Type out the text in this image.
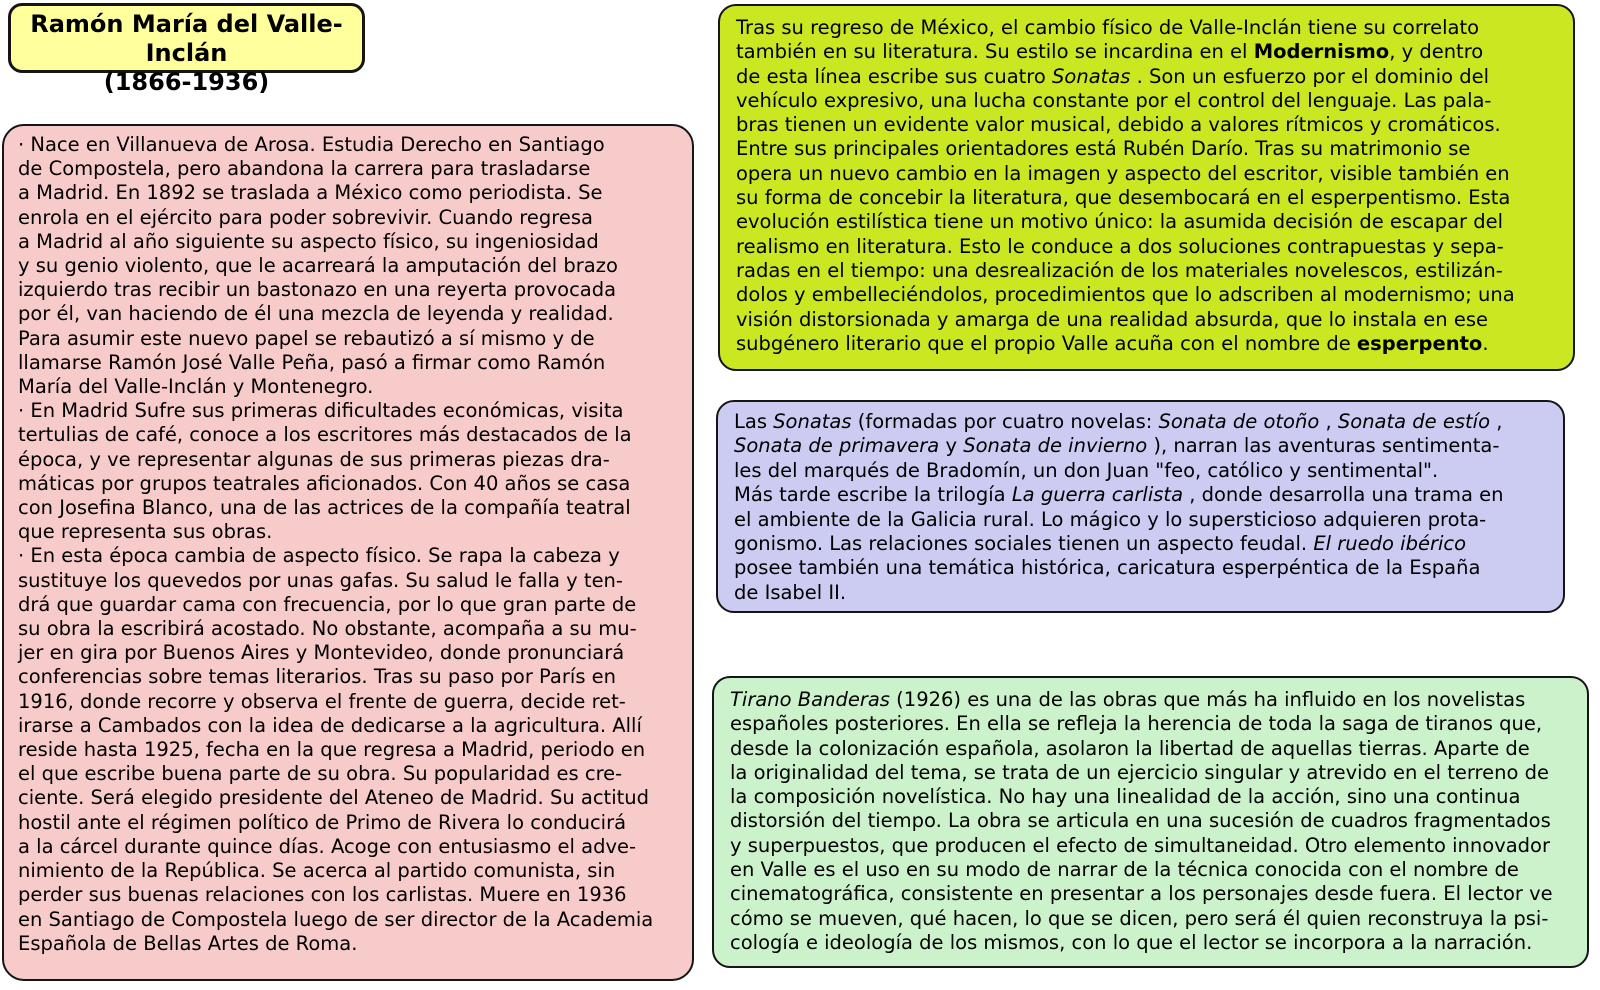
Ramón María del Valle-Inclán
(1866-1936)
· Nace en Villanueva de Arosa. Estudia Derecho en Santiago
de Compostela, pero abandona la carrera para trasladarse
a Madrid. En 1892 se traslada a México como periodista. Se
enrola en el ejército para poder sobrevivir. Cuando regresa
a Madrid al año siguiente su aspecto físico, su ingeniosidad
y su genio violento, que le acarreará la amputación del brazo
izquierdo tras recibir un bastonazo en una reyerta provocada
por él, van haciendo de él una mezcla de leyenda y realidad.
Para asumir este nuevo papel se rebautizó a sí mismo y de
llamarse Ramón José Valle Peña, pasó a firmar como Ramón
María del Valle-Inclán y Montenegro.
· En Madrid Sufre sus primeras dificultades económicas, visita
tertulias de café, conoce a los escritores más destacados de la
época, y ve representar algunas de sus primeras piezas dra-
máticas por grupos teatrales aficionados. Con 40 años se casa
con Josefina Blanco, una de las actrices de la compañía teatral
que representa sus obras.
· En esta época cambia de aspecto físico. Se rapa la cabeza y
sustituye los quevedos por unas gafas. Su salud le falla y ten-
drá que guardar cama con frecuencia, por lo que gran parte de
su obra la escribirá acostado. No obstante, acompaña a su mu-
jer en gira por Buenos Aires y Montevideo, donde pronunciará
conferencias sobre temas literarios. Tras su paso por París en
1916, donde recorre y observa el frente de guerra, decide ret-
irarse a Cambados con la idea de dedicarse a la agricultura. Allí
reside hasta 1925, fecha en la que regresa a Madrid, periodo en
el que escribe buena parte de su obra. Su popularidad es cre-
ciente. Será elegido presidente del Ateneo de Madrid. Su actitud
hostil ante el régimen político de Primo de Rivera lo conducirá
a la cárcel durante quince días. Acoge con entusiasmo el adve-
nimiento de la República. Se acerca al partido comunista, sin
perder sus buenas relaciones con los carlistas. Muere en 1936
en Santiago de Compostela luego de ser director de la Academia
Española de Bellas Artes de Roma.
Tras su regreso de México, el cambio físico de Valle-Inclán tiene su correlato
también en su literatura. Su estilo se incardina en el Modernismo, y dentro
de esta línea escribe sus cuatro Sonatas . Son un esfuerzo por el dominio del
vehículo expresivo, una lucha constante por el control del lenguaje. Las pala-
bras tienen un evidente valor musical, debido a valores rítmicos y cromáticos.
Entre sus principales orientadores está Rubén Darío. Tras su matrimonio se
opera un nuevo cambio en la imagen y aspecto del escritor, visible también en
su forma de concebir la literatura, que desembocará en el esperpentismo. Esta
evolución estilística tiene un motivo único: la asumida decisión de escapar del
realismo en literatura. Esto le conduce a dos soluciones contrapuestas y sepa-
radas en el tiempo: una desrealización de los materiales novelescos, estilizán-
dolos y embelleciéndolos, procedimientos que lo adscriben al modernismo; una
visión distorsionada y amarga de una realidad absurda, que lo instala en ese
subgénero literario que el propio Valle acuña con el nombre de esperpento.
Las Sonatas (formadas por cuatro novelas: Sonata de otoño , Sonata de estío ,
Sonata de primavera y Sonata de invierno ), narran las aventuras sentimenta-
les del marqués de Bradomín, un don Juan "feo, católico y sentimental".
Más tarde escribe la trilogía La guerra carlista , donde desarrolla una trama en
el ambiente de la Galicia rural. Lo mágico y lo supersticioso adquieren prota-
gonismo. Las relaciones sociales tienen un aspecto feudal. El ruedo ibérico
posee también una temática histórica, caricatura esperpéntica de la España
de Isabel II.
Tirano Banderas (1926) es una de las obras que más ha influido en los novelistas
españoles posteriores. En ella se refleja la herencia de toda la saga de tiranos que,
desde la colonización española, asolaron la libertad de aquellas tierras. Aparte de
la originalidad del tema, se trata de un ejercicio singular y atrevido en el terreno de
la composición novelística. No hay una linealidad de la acción, sino una continua
distorsión del tiempo. La obra se articula en una sucesión de cuadros fragmentados
y superpuestos, que producen el efecto de simultaneidad. Otro elemento innovador
en Valle es el uso en su modo de narrar de la técnica conocida con el nombre de
cinematográfica, consistente en presentar a los personajes desde fuera. El lector ve
cómo se mueven, qué hacen, lo que se dicen, pero será él quien reconstruya la psi-
cología e ideología de los mismos, con lo que el lector se incorpora a la narración.
